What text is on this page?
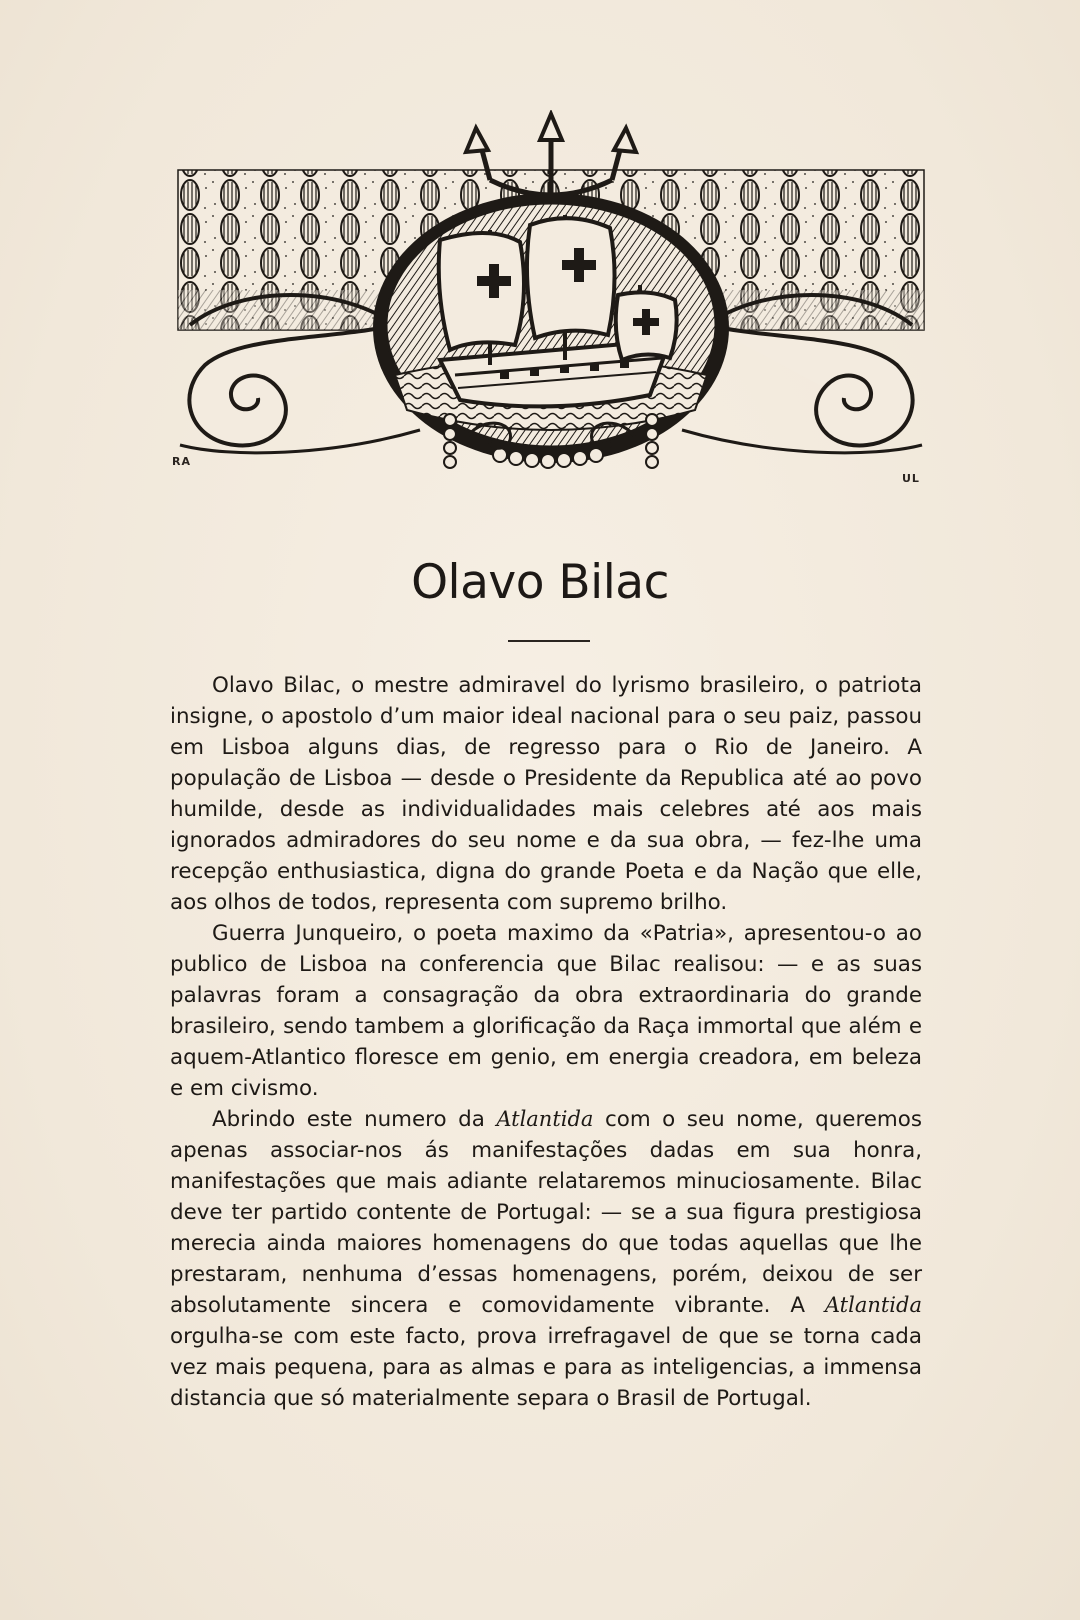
RA
UL
Olavo Bilac

Olavo Bilac, o mestre admiravel do lyrismo brasileiro, o patriota insigne, o apostolo d’um maior ideal nacional para o seu paiz, passou em Lisboa alguns dias, de regresso para o Rio de Janeiro. A população de Lisboa — desde o Presidente da Republica até ao povo humilde, desde as individualidades mais celebres até aos mais ignorados admiradores do seu nome e da sua obra, — fez-lhe uma recepção enthusiastica, digna do grande Poeta e da Nação que elle, aos olhos de todos, representa com supremo brilho.

Guerra Junqueiro, o poeta maximo da «Patria», apresentou-o ao publico de Lisboa na conferencia que Bilac realisou: — e as suas palavras foram a consagração da obra extraordinaria do grande brasileiro, sendo tambem a glorificação da Raça immortal que além e aquem-Atlantico floresce em genio, em energia creadora, em beleza e em civismo.

Abrindo este numero da Atlantida com o seu nome, queremos apenas associar-nos ás manifestações dadas em sua honra, manifestações que mais adiante relataremos minuciosamente. Bilac deve ter partido contente de Portugal: — se a sua figura prestigiosa merecia ainda maiores homenagens do que todas aquellas que lhe prestaram, nenhuma d’essas homenagens, porém, deixou de ser absolutamente sincera e comovidamente vibrante. A Atlantida orgulha-se com este facto, prova irrefragavel de que se torna cada vez mais pequena, para as almas e para as inteligencias, a immensa distancia que só materialmente separa o Brasil de Portugal.
